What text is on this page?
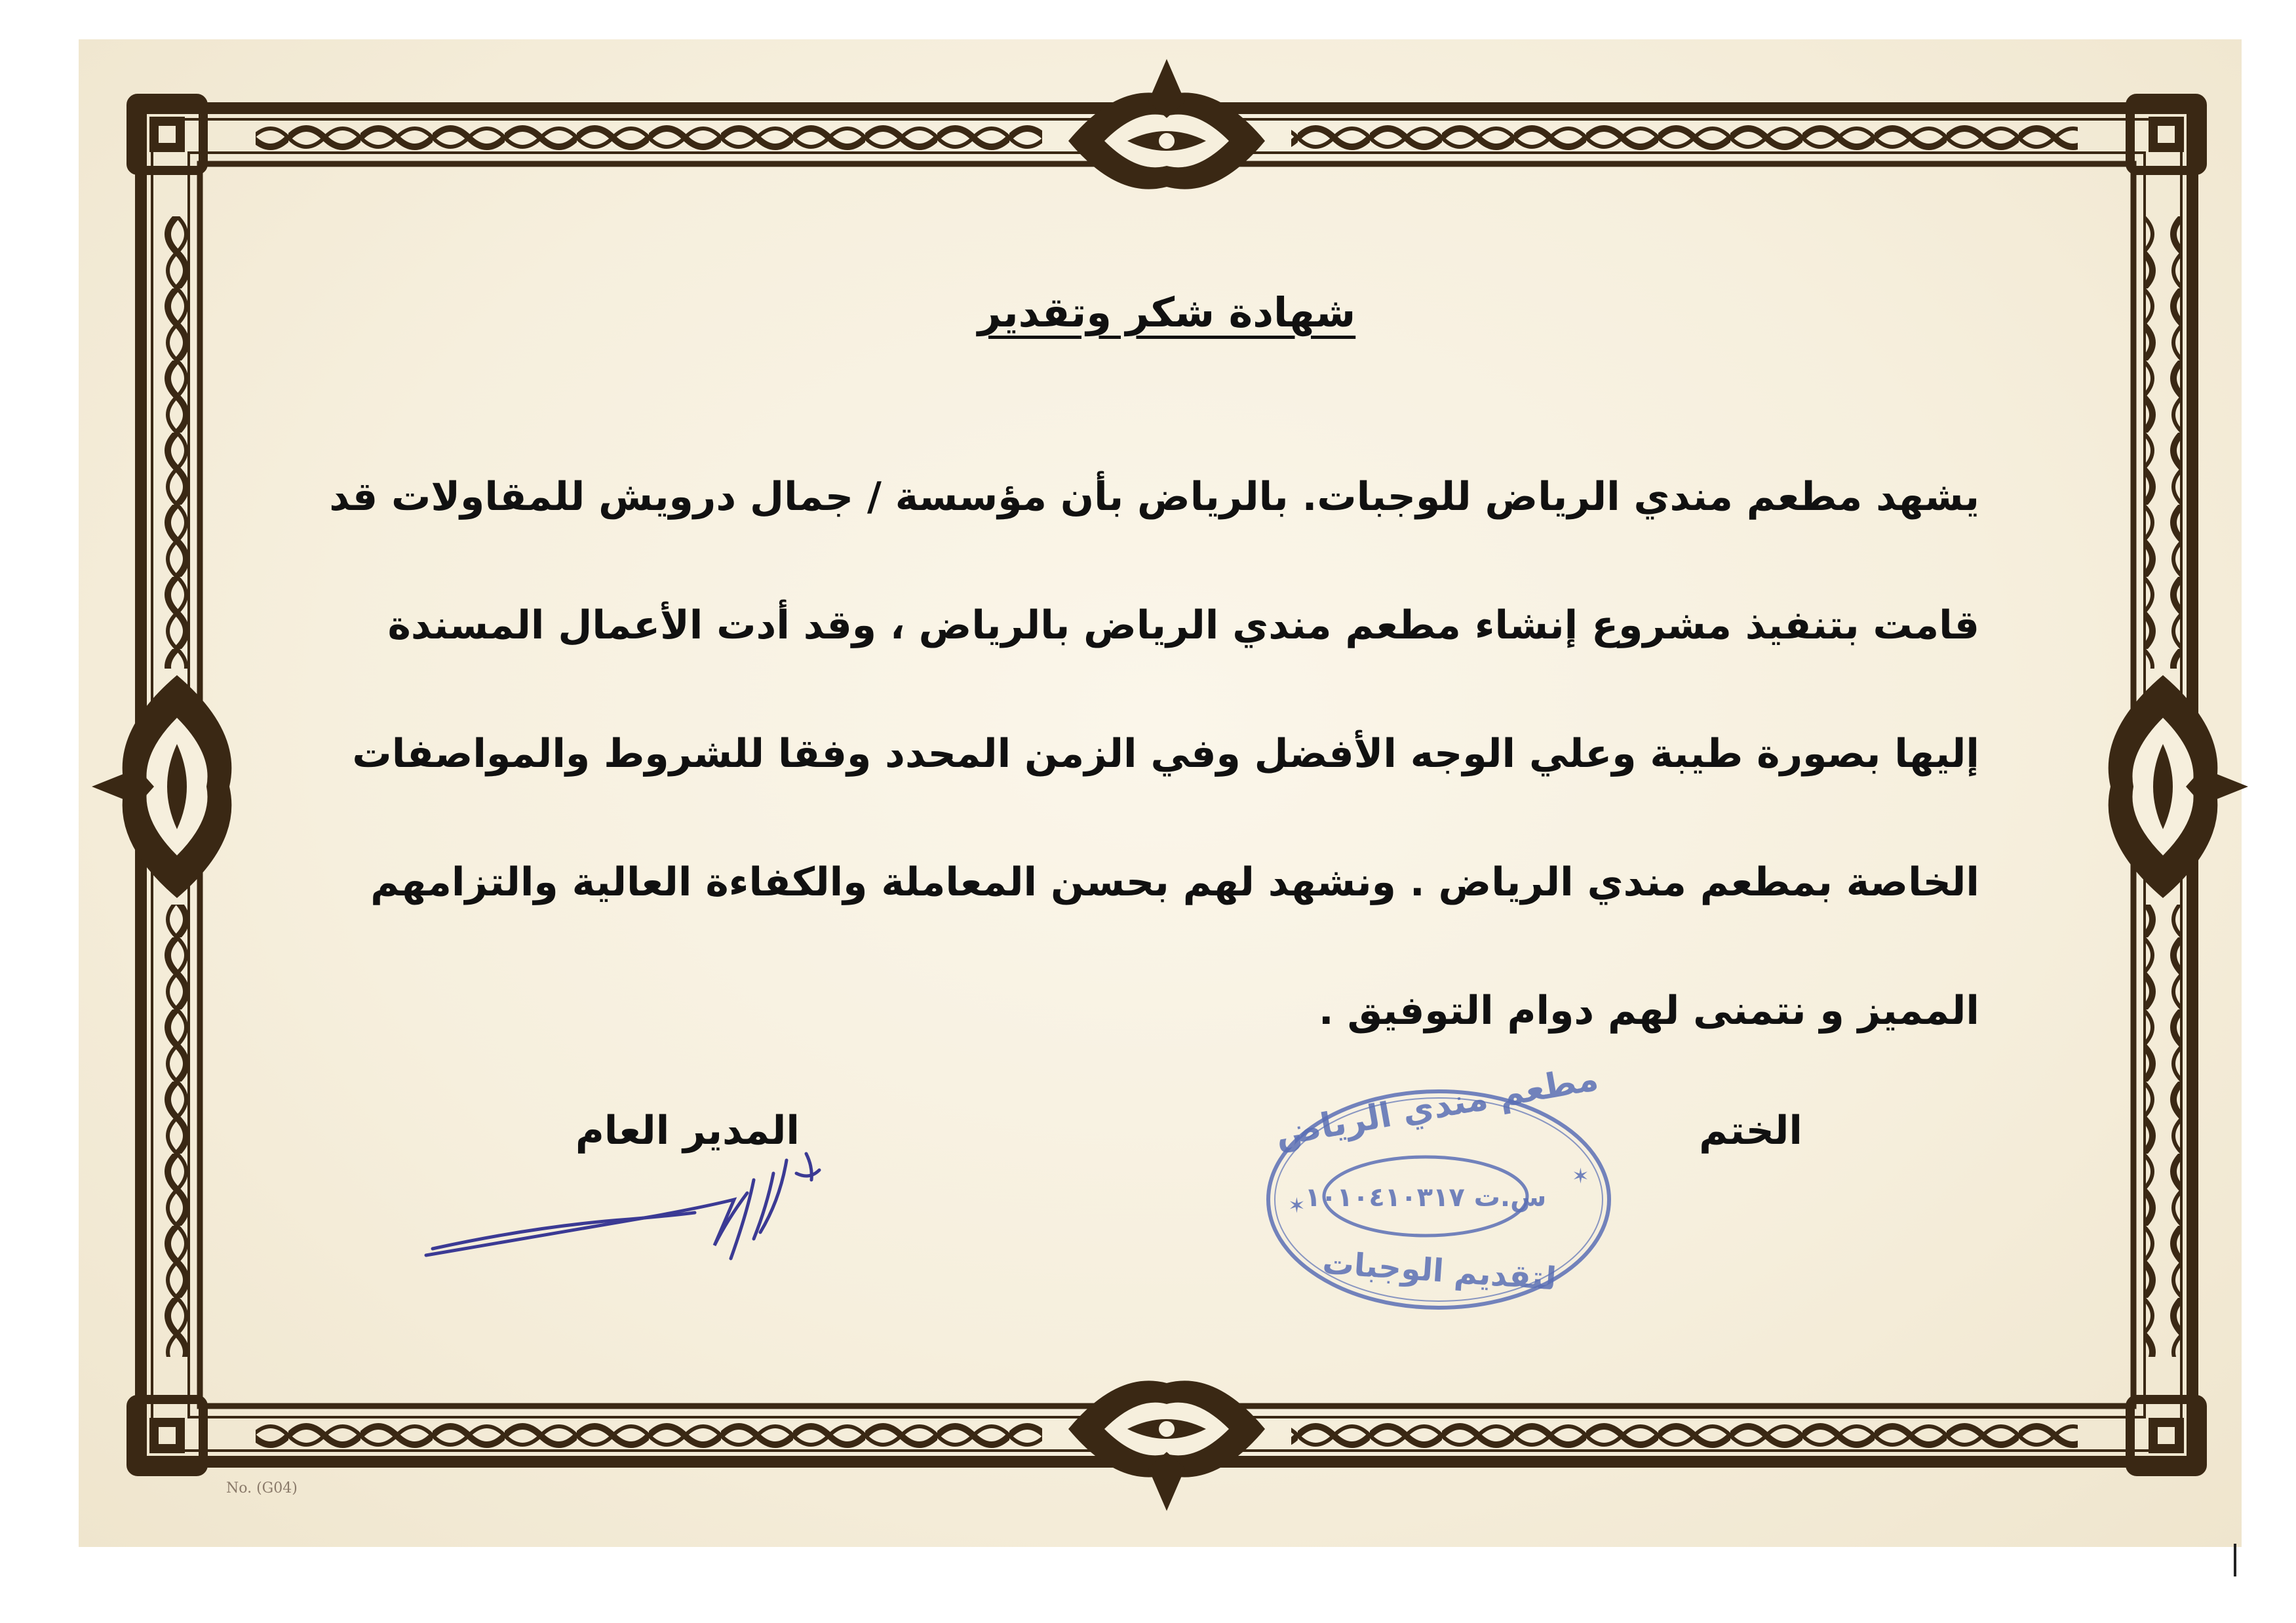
مطعم مندي الرياض
س.ت ١٠١٠٤١٠٣١٧
لتقديم الوجبات
✶
✶
شهادة شكر وتقدير
يشهد مطعم مندي الرياض للوجبات. بالرياض بأن مؤسسة / جمال درويش للمقاولات قد
قامت بتنفيذ مشروع إنشاء مطعم مندي الرياض بالرياض ، وقد أدت الأعمال المسندة
إليها بصورة طيبة وعلي الوجه الأفضل وفي الزمن المحدد وفقا للشروط والمواصفات
الخاصة بمطعم مندي الرياض . ونشهد لهم بحسن المعاملة والكفاءة العالية والتزامهم
المميز و نتمنى لهم دوام التوفيق .
المدير العام	الختم
No. (G04)
